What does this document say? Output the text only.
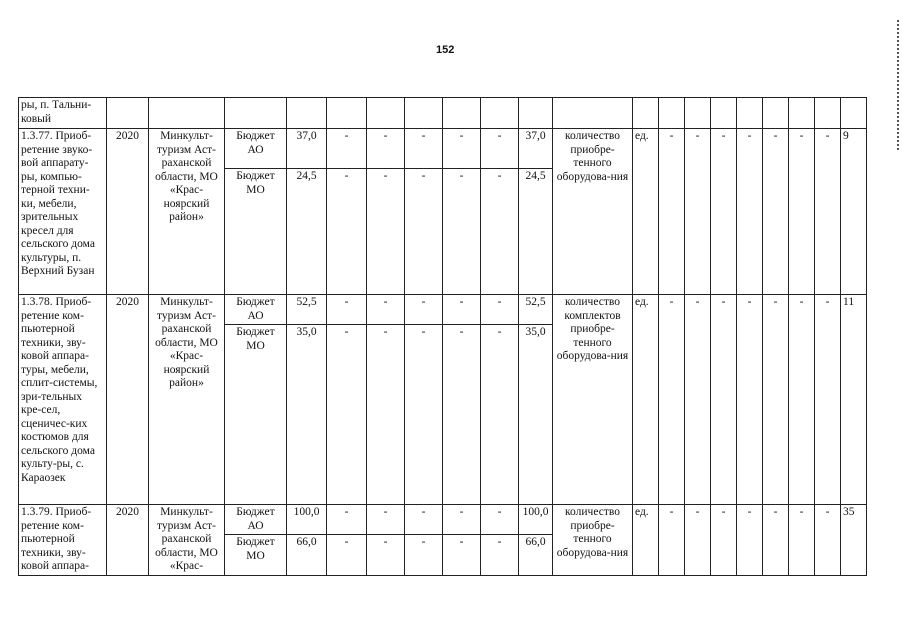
152
ры, п. Тальни-ковый																				
1.3.77. Приоб-ретение звуко-вой аппарату-ры, компью-терной техни-ки, мебели, зрительных кресел для сельского дома культуры, п. Верхний Бузан	2020	Минкульт-туризм Аст-раханской области, МО «Крас-ноярский район»	Бюджет АО	37,0	-	-	-	-	-	37,0	количество приобре-тенного оборудова-ния	ед.	-	-	-	-	-	-	-	9
			Бюджет МО	24,5	-	-	-	-	-	24,5										
1.3.78. Приоб-ретение ком-пьютерной техники, зву-ковой аппара-туры, мебели, сплит-системы, зри-тельных кре-сел, сценичес-ких костюмов для сельского дома культу-ры, с. Караозек	2020	Минкульт-туризм Аст-раханской области, МО «Крас-ноярский район»	Бюджет АО	52,5	-	-	-	-	-	52,5	количество комплектов приобре-тенного оборудова-ния	ед.	-	-	-	-	-	-	-	11
			Бюджет МО	35,0	-	-	-	-	-	35,0										
1.3.79. Приоб-ретение ком-пьютерной техники, зву-ковой аппара-	2020	Минкульт-туризм Аст-раханской области, МО «Крас-	Бюджет АО	100,0	-	-	-	-	-	100,0	количество приобре-тенного оборудова-ния	ед.	-	-	-	-	-	-	-	35
			Бюджет МО	66,0	-	-	-	-	-	66,0										
